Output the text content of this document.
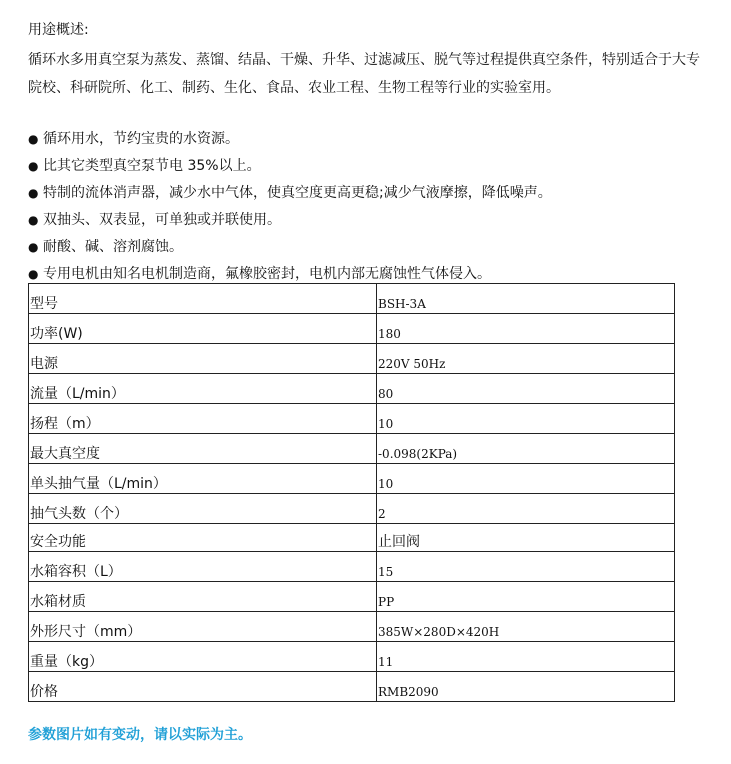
用途概述:
循环水多用真空泵为蒸发、蒸馏、结晶、干燥、升华、过滤减压、脱气等过程提供真空条件，特别适合于大专院校、科研院所、化工、制药、生化、食品、农业工程、生物工程等行业的实验室用。
● 循环用水，节约宝贵的水资源。
● 比其它类型真空泵节电 35%以上。
● 特制的流体消声器，减少水中气体，使真空度更高更稳;减少气液摩擦，降低噪声。
● 双抽头、双表显，可单独或并联使用。
● 耐酸、碱、溶剂腐蚀。
● 专用电机由知名电机制造商，氟橡胶密封，电机内部无腐蚀性气体侵入。
型号	BSH-3A
功率(W)	180
电源	220V 50Hz
流量（L/min）	80
扬程（m）	10
最大真空度	-0.098(2KPa)
单头抽气量（L/min）	10
抽气头数（个）	2
安全功能	止回阀
水箱容积（L）	15
水箱材质	PP
外形尺寸（mm）	385W×280D×420H
重量（kg）	11
价格	RMB2090
参数图片如有变动，请以实际为主。
